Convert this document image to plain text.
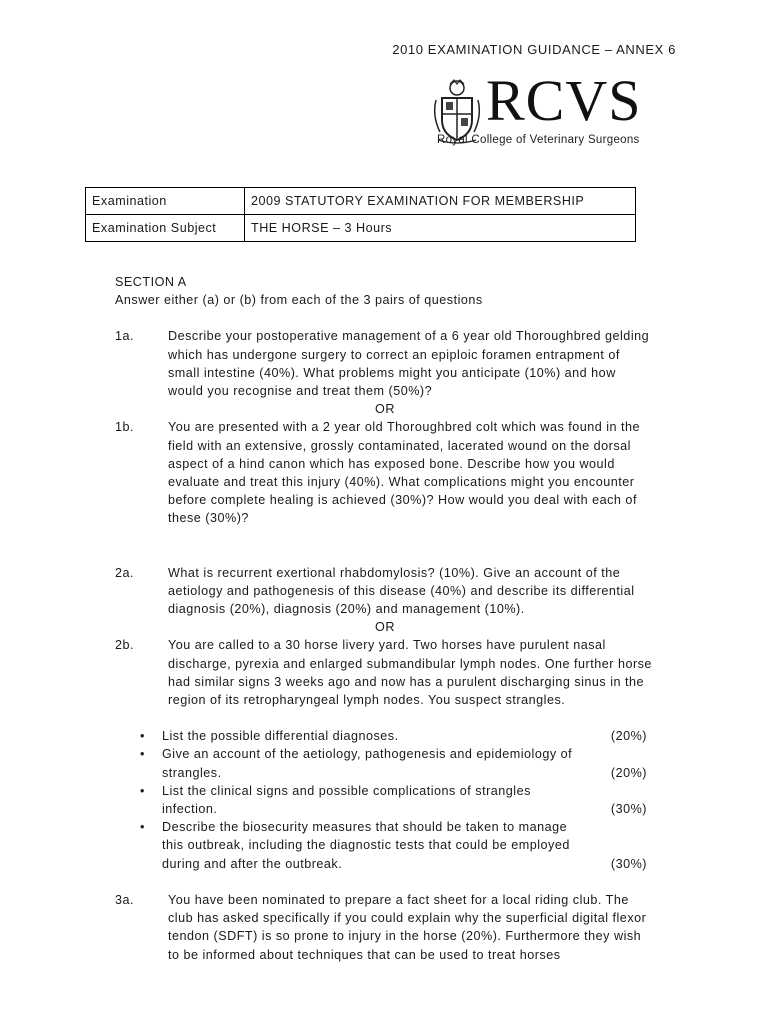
2010 EXAMINATION GUIDANCE – ANNEX 6
RCVS
Royal College of Veterinary Surgeons
Examination	2009 STATUTORY EXAMINATION FOR MEMBERSHIP
Examination Subject	THE HORSE – 3 Hours
SECTION A
Answer either (a) or (b) from each of the 3 pairs of questions
1a.	Describe your postoperative management of a 6 year old Thoroughbred gelding which has undergone surgery to correct an epiploic foramen entrapment of small intestine (40%). What problems might you anticipate (10%) and how would you recognise and treat them (50%)?
OR
1b.	You are presented with a 2 year old Thoroughbred colt which was found in the field with an extensive, grossly contaminated, lacerated wound on the dorsal aspect of a hind canon which has exposed bone. Describe how you would evaluate and treat this injury (40%). What complications might you encounter before complete healing is achieved (30%)? How would you deal with each of these (30%)?
2a.	What is recurrent exertional rhabdomylosis? (10%). Give an account of the aetiology and pathogenesis of this disease (40%) and describe its differential diagnosis (20%), diagnosis (20%) and management (10%).
OR
2b.	You are called to a 30 horse livery yard. Two horses have purulent nasal discharge, pyrexia and enlarged submandibular lymph nodes. One further horse had similar signs 3 weeks ago and now has a purulent discharging sinus in the region of its retropharyngeal lymph nodes. You suspect strangles.
• List the possible differential diagnoses.	(20%)
• Give an account of the aetiology, pathogenesis and epidemiology of strangles.	(20%)
• List the clinical signs and possible complications of strangles infection.	(30%)
• Describe the biosecurity measures that should be taken to manage this outbreak, including the diagnostic tests that could be employed during and after the outbreak.	(30%)
3a.	You have been nominated to prepare a fact sheet for a local riding club. The club has asked specifically if you could explain why the superficial digital flexor tendon (SDFT) is so prone to injury in the horse (20%). Furthermore they wish to be informed about techniques that can be used to treat horses
